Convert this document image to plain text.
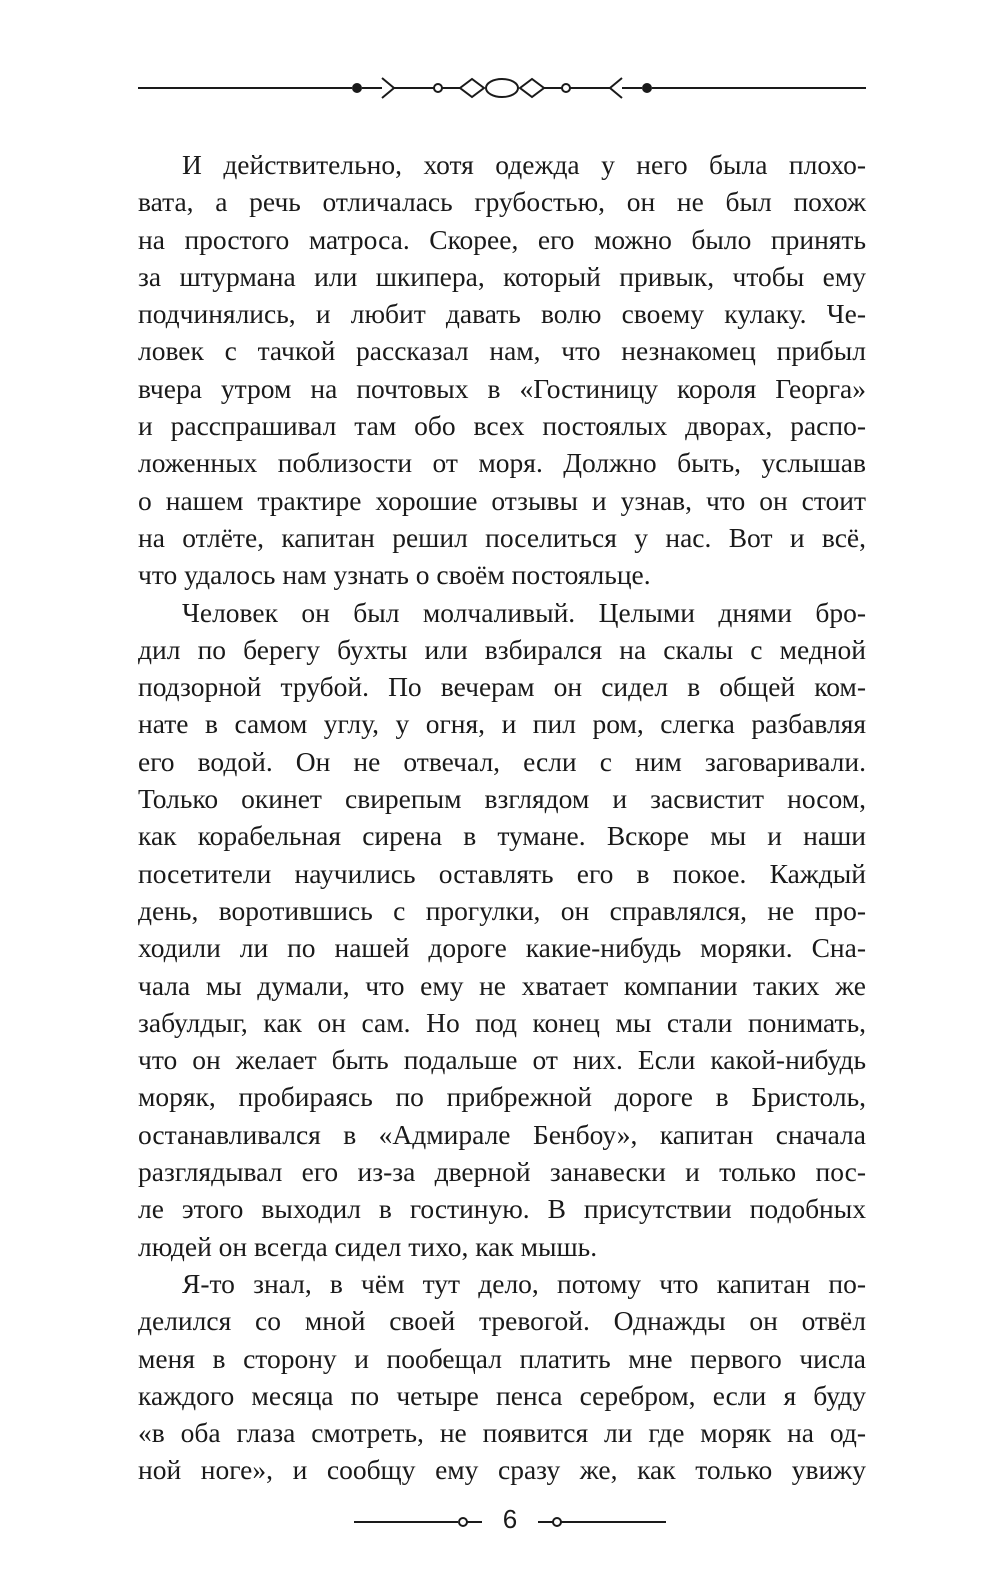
И действительно, хотя одежда у него была плохо-
вата, а речь отличалась грубостью, он не был похож
на простого матроса. Скорее, его можно было принять
за штурмана или шкипера, который привык, чтобы ему
подчинялись, и любит давать волю своему кулаку. Че-
ловек с тачкой рассказал нам, что незнакомец прибыл
вчера утром на почтовых в «Гостиницу короля Георга»
и расспрашивал там обо всех постоялых дворах, распо-
ложенных поблизости от моря. Должно быть, услышав
о нашем трактире хорошие отзывы и узнав, что он стоит
на отлёте, капитан решил поселиться у нас. Вот и всё,
что удалось нам узнать о своём постояльце.
Человек он был молчаливый. Целыми днями бро-
дил по берегу бухты или взбирался на скалы с медной
подзорной трубой. По вечерам он сидел в общей ком-
нате в самом углу, у огня, и пил ром, слегка разбавляя
его водой. Он не отвечал, если с ним заговаривали.
Только окинет свирепым взглядом и засвистит носом,
как корабельная сирена в тумане. Вскоре мы и наши
посетители научились оставлять его в покое. Каждый
день, воротившись с прогулки, он справлялся, не про-
ходили ли по нашей дороге какие-нибудь моряки. Сна-
чала мы думали, что ему не хватает компании таких же
забулдыг, как он сам. Но под конец мы стали понимать,
что он желает быть подальше от них. Если какой-нибудь
моряк, пробираясь по прибрежной дороге в Бристоль,
останавливался в «Адмирале Бенбоу», капитан сначала
разглядывал его из-за дверной занавески и только пос-
ле этого выходил в гостиную. В присутствии подобных
людей он всегда сидел тихо, как мышь.
Я-то знал, в чём тут дело, потому что капитан по-
делился со мной своей тревогой. Однажды он отвёл
меня в сторону и пообещал платить мне первого числа
каждого месяца по четыре пенса серебром, если я буду
«в оба глаза смотреть, не появится ли где моряк на од-
ной ноге», и сообщу ему сразу же, как только увижу
6
